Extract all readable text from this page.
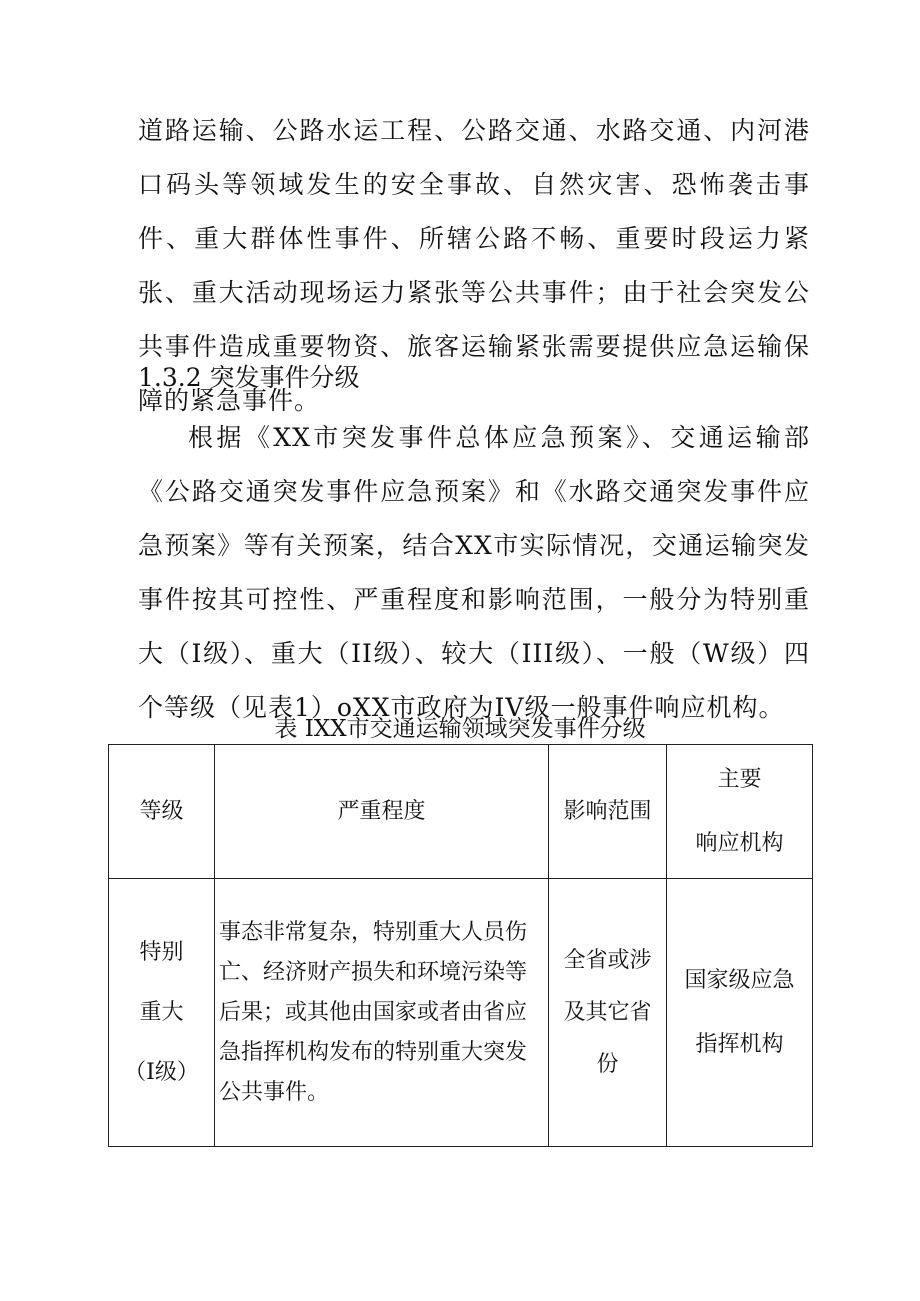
道路运输、公路水运工程、公路交通、水路交通、内河港口码头等领域发生的安全事故、自然灾害、恐怖袭击事件、重大群体性事件、所辖公路不畅、重要时段运力紧张、重大活动现场运力紧张等公共事件；由于社会突发公共事件造成重要物资、旅客运输紧张需要提供应急运输保障的紧急事件。

1.3.2 突发事件分级

根据《XX市突发事件总体应急预案》、交通运输部《公路交通突发事件应急预案》和《水路交通突发事件应急预案》等有关预案，结合XX市实际情况，交通运输突发事件按其可控性、严重程度和影响范围，一般分为特别重大（I级）、重大（II级）、较大（III级）、一般（W级）四个等级（见表1）oXX市政府为IV级一般事件响应机构。

表 IXX市交通运输领域突发事件分级

等级	严重程度	影响范围	主要
响应机构

特别
重大
（I级）	事态非常复杂，特别重大人员伤亡、经济财产损失和环境污染等后果；或其他由国家或者由省应急指挥机构发布的特别重大突发公共事件。	全省或涉及其它省份	国家级应急指挥机构
